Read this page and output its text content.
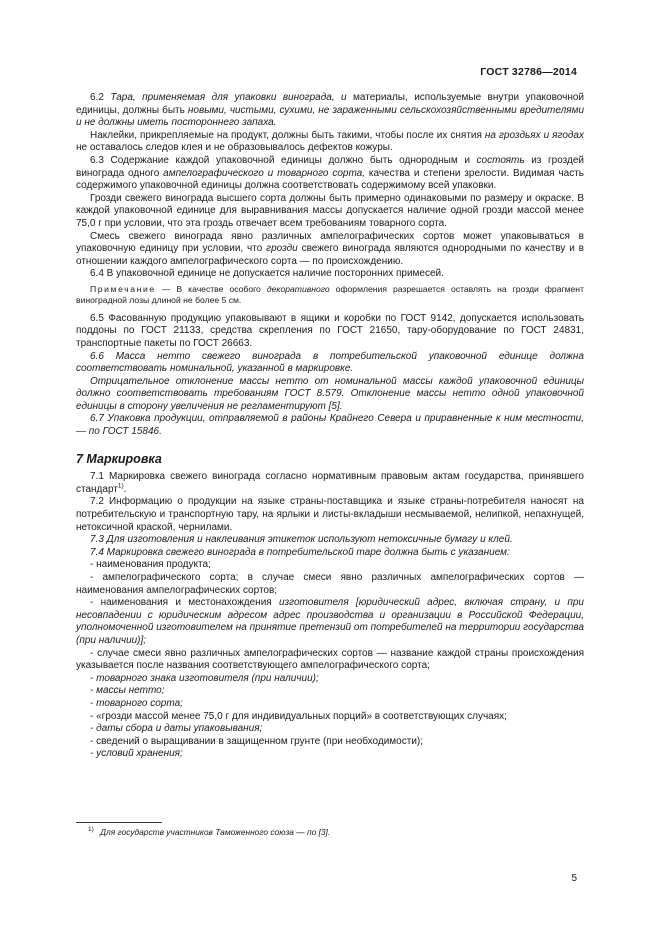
ГОСТ 32786—2014

6.2 Тара, применяемая для упаковки винограда, и материалы, используемые внутри упаковочной единицы, должны быть новыми, чистыми, сухими, не зараженными сельскохозяйственными вредителями и не должны иметь постороннего запаха.

Наклейки, прикрепляемые на продукт, должны быть такими, чтобы после их снятия на гроздьях и ягодах не оставалось следов клея и не образовывалось дефектов кожуры.

6.3 Содержание каждой упаковочной единицы должно быть однородным и состоять из гроздей винограда одного ампелографического и товарного сорта, качества и степени зрелости. Видимая часть содержимого упаковочной единицы должна соответствовать содержимому всей упаковки.

Грозди свежего винограда высшего сорта должны быть примерно одинаковыми по размеру и окраске. В каждой упаковочной единице для выравнивания массы допускается наличие одной грозди массой менее 75,0 г при условии, что эта гроздь отвечает всем требованиям товарного сорта.

Смесь свежего винограда явно различных ампелографических сортов может упаковываться в упаковочную единицу при условии, что грозди свежего винограда являются однородными по качеству и в отношении каждого ампелографического сорта — по происхождению.

6.4 В упаковочной единице не допускается наличие посторонних примесей.

Примечание — В качестве особого декоративного оформления разрешается оставлять на грозди фрагмент виноградной лозы длиной не более 5 см.

6.5 Фасованную продукцию упаковывают в ящики и коробки по ГОСТ 9142, допускается использовать поддоны по ГОСТ 21133, средства скрепления по ГОСТ 21650, тару-оборудование по ГОСТ 24831, транспортные пакеты по ГОСТ 26663.

6.6 Масса нетто свежего винограда в потребительской упаковочной единице должна соответствовать номинальной, указанной в маркировке.

Отрицательное отклонение массы нетто от номинальной массы каждой упаковочной единицы должно соответствовать требованиям ГОСТ 8.579. Отклонение массы нетто одной упаковочной единицы в сторону увеличения не регламентируют [5].

6.7 Упаковка продукции, отправляемой в районы Крайнего Севера и приравненные к ним местности, — по ГОСТ 15846.

7 Маркировка

7.1 Маркировка свежего винограда согласно нормативным правовым актам государства, принявшего стандарт$^{1)}$.

7.2 Информацию о продукции на языке страны-поставщика и языке страны-потребителя наносят на потребительскую и транспортную тару, на ярлыки и листы-вкладыши несмываемой, нелипкой, непахнущей, нетоксичной краской, чернилами.

7.3 Для изготовления и наклеивания этикеток используют нетоксичные бумагу и клей.

7.4 Маркировка свежего винограда в потребительской таре должна быть с указанием:

- наименования продукта;

- ампелографического сорта; в случае смеси явно различных ампелографических сортов — наименования ампелографических сортов;

- наименования и местонахождения изготовителя [юридический адрес, включая страну, и при несовпадении с юридическим адресом адрес производства и организации в Российской Федерации, уполномоченной изготовителем на принятие претензий от потребителей на территории государства (при наличии)];

- случае смеси явно различных ампелографических сортов — название каждой страны происхождения указывается после названия соответствующего ампелографического сорта;

- товарного знака изготовителя (при наличии);

- массы нетто;

- товарного сорта;

- «грозди массой менее 75,0 г для индивидуальных порций» в соответствующих случаях;

- даты сбора и даты упаковывания;

- сведений о выращивании в защищенном грунте (при необходимости);

- условий хранения;

$^{1)}$ Для государств участников Таможенного союза — по [3].
5
